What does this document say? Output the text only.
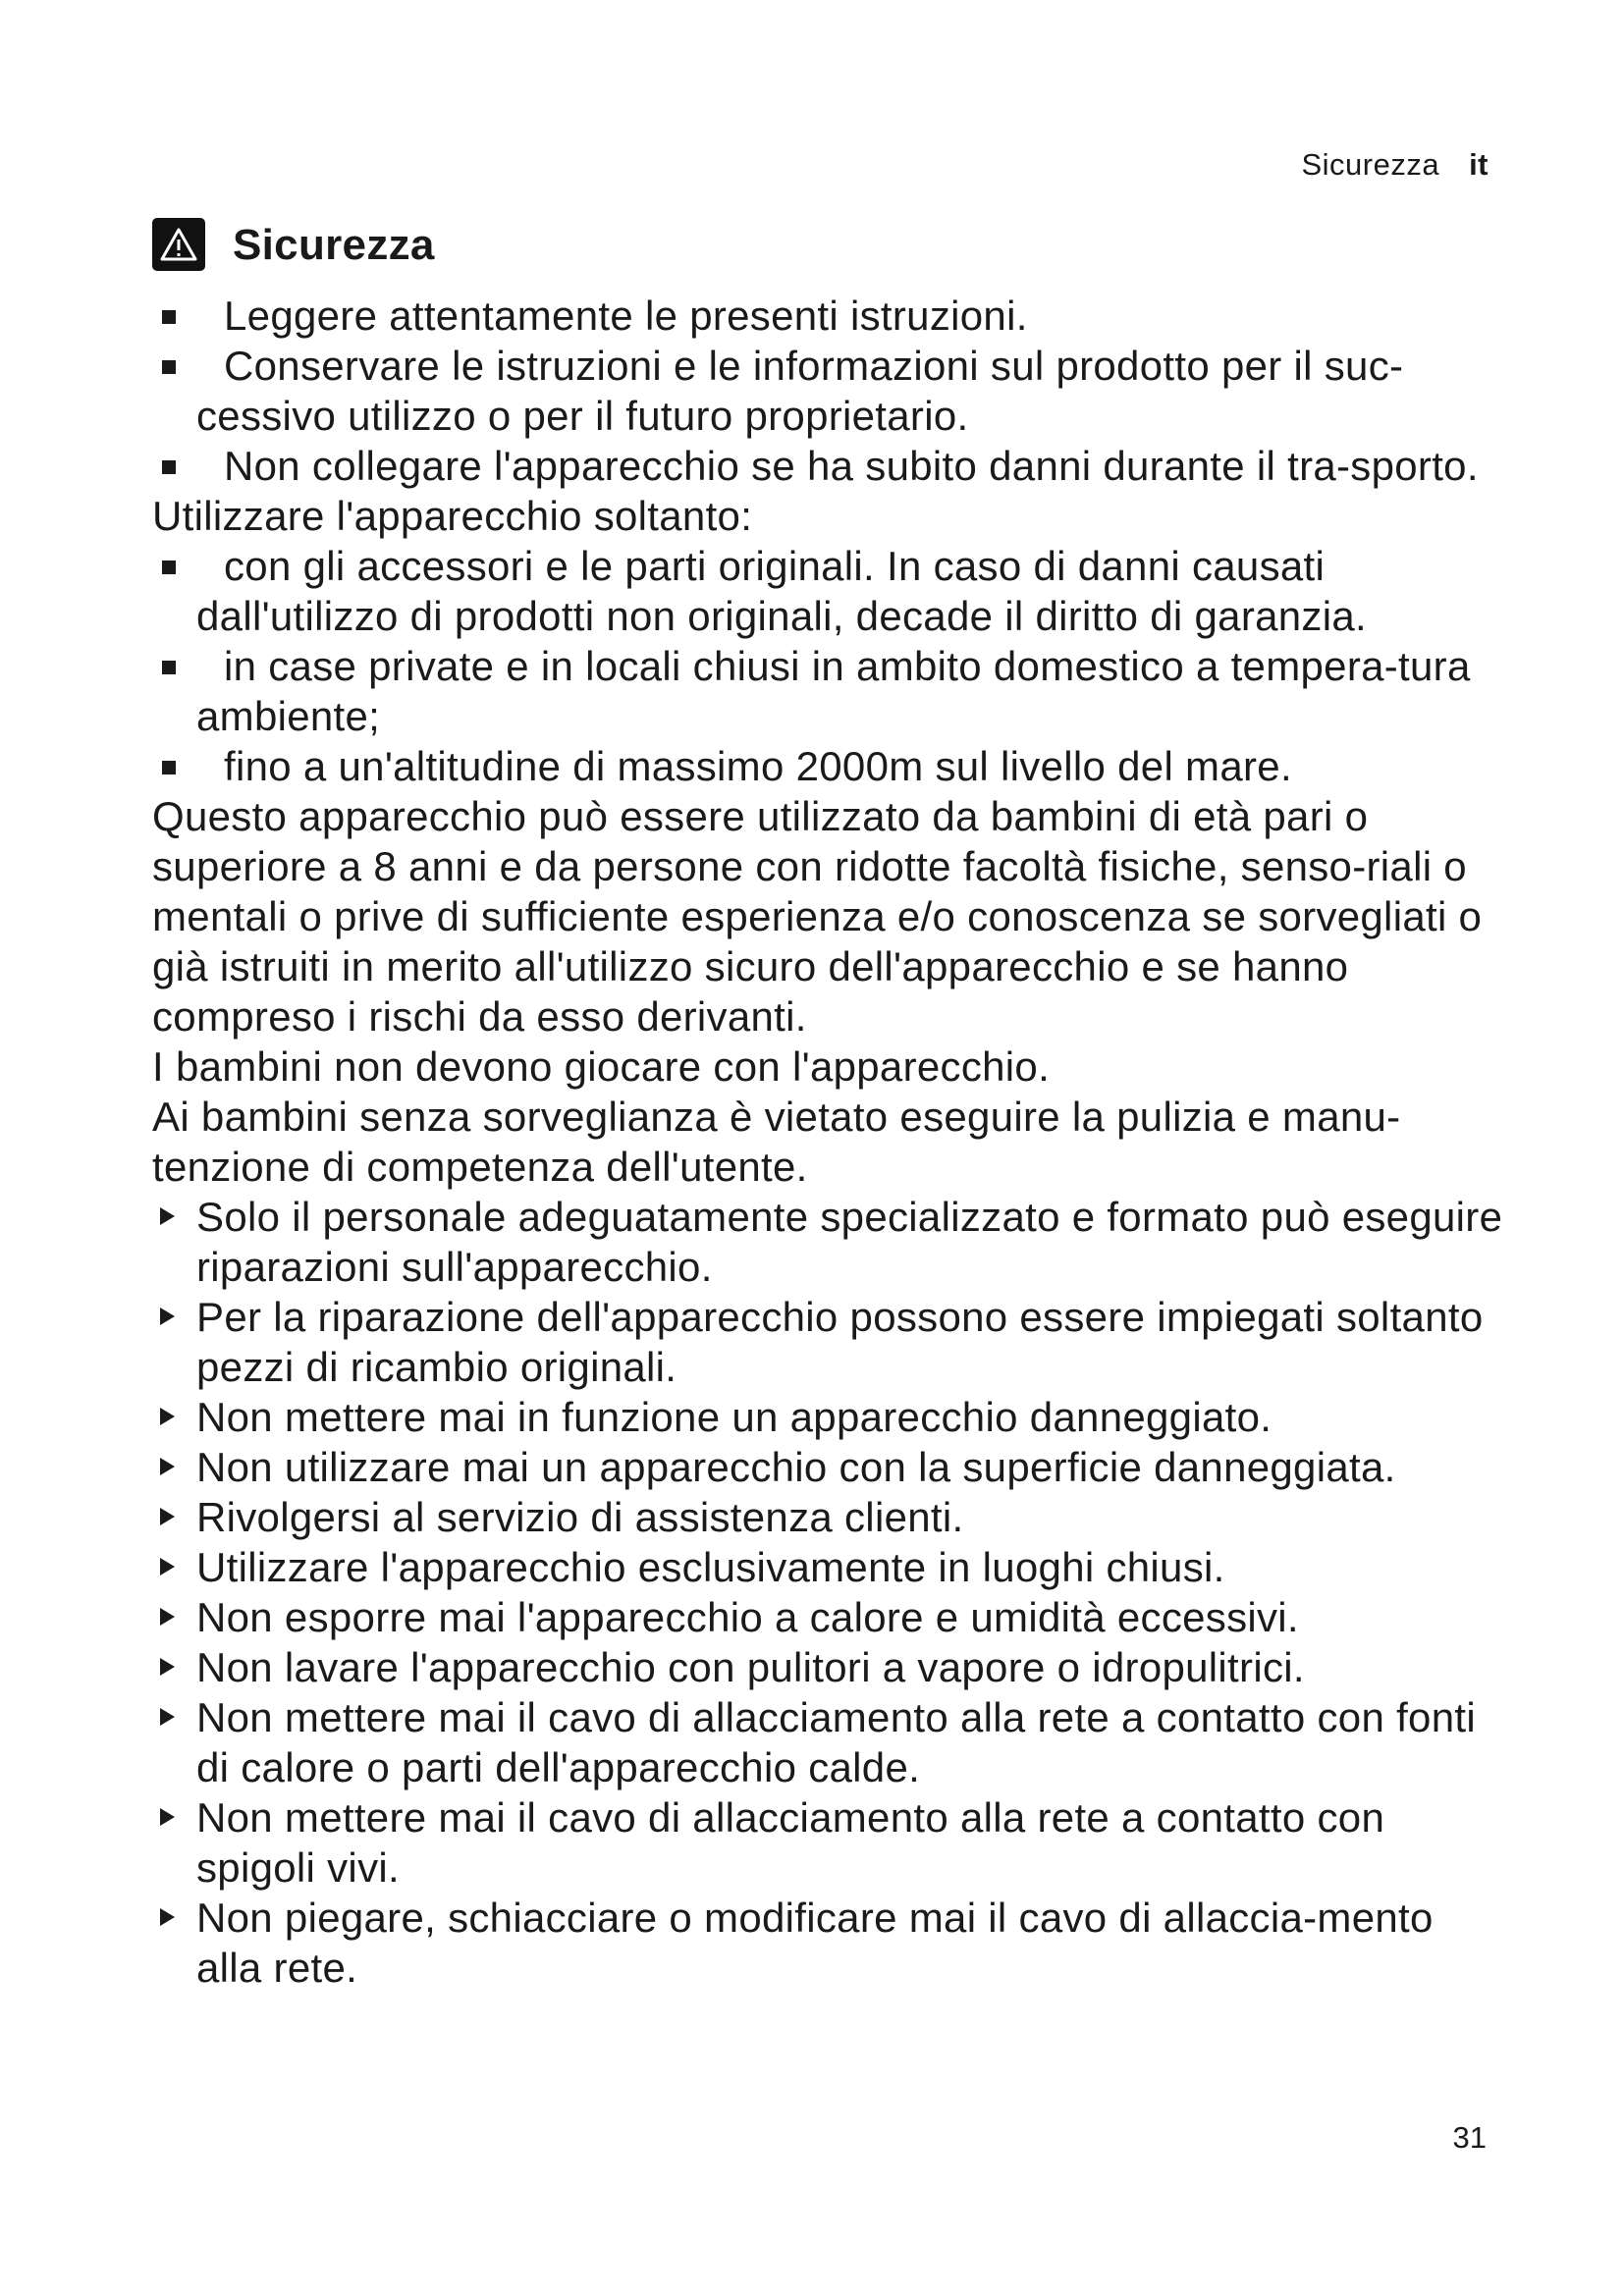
Sicurezza it
Sicurezza
Leggere attentamente le presenti istruzioni.
Conservare le istruzioni e le informazioni sul prodotto per il suc-cessivo utilizzo o per il futuro proprietario.
Non collegare l'apparecchio se ha subito danni durante il tra-sporto.

Utilizzare l'apparecchio soltanto:

con gli accessori e le parti originali. In caso di danni causati dall'utilizzo di prodotti non originali, decade il diritto di garanzia.
in case private e in locali chiusi in ambito domestico a tempera-tura ambiente;
fino a un'altitudine di massimo 2000m sul livello del mare.

Questo apparecchio può essere utilizzato da bambini di età pari o superiore a 8 anni e da persone con ridotte facoltà fisiche, senso-riali o mentali o prive di sufficiente esperienza e/o conoscenza se sorvegliati o già istruiti in merito all'utilizzo sicuro dell'apparecchio e se hanno compreso i rischi da esso derivanti.

I bambini non devono giocare con l'apparecchio.

Ai bambini senza sorveglianza è vietato eseguire la pulizia e manu-tenzione di competenza dell'utente.

Solo il personale adeguatamente specializzato e formato può eseguire riparazioni sull'apparecchio.
Per la riparazione dell'apparecchio possono essere impiegati soltanto pezzi di ricambio originali.
Non mettere mai in funzione un apparecchio danneggiato.
Non utilizzare mai un apparecchio con la superficie danneggiata.
Rivolgersi al servizio di assistenza clienti.
Utilizzare l'apparecchio esclusivamente in luoghi chiusi.
Non esporre mai l'apparecchio a calore e umidità eccessivi.
Non lavare l'apparecchio con pulitori a vapore o idropulitrici.
Non mettere mai il cavo di allacciamento alla rete a contatto con fonti di calore o parti dell'apparecchio calde.
Non mettere mai il cavo di allacciamento alla rete a contatto con spigoli vivi.
Non piegare, schiacciare o modificare mai il cavo di allaccia-mento alla rete.
31
